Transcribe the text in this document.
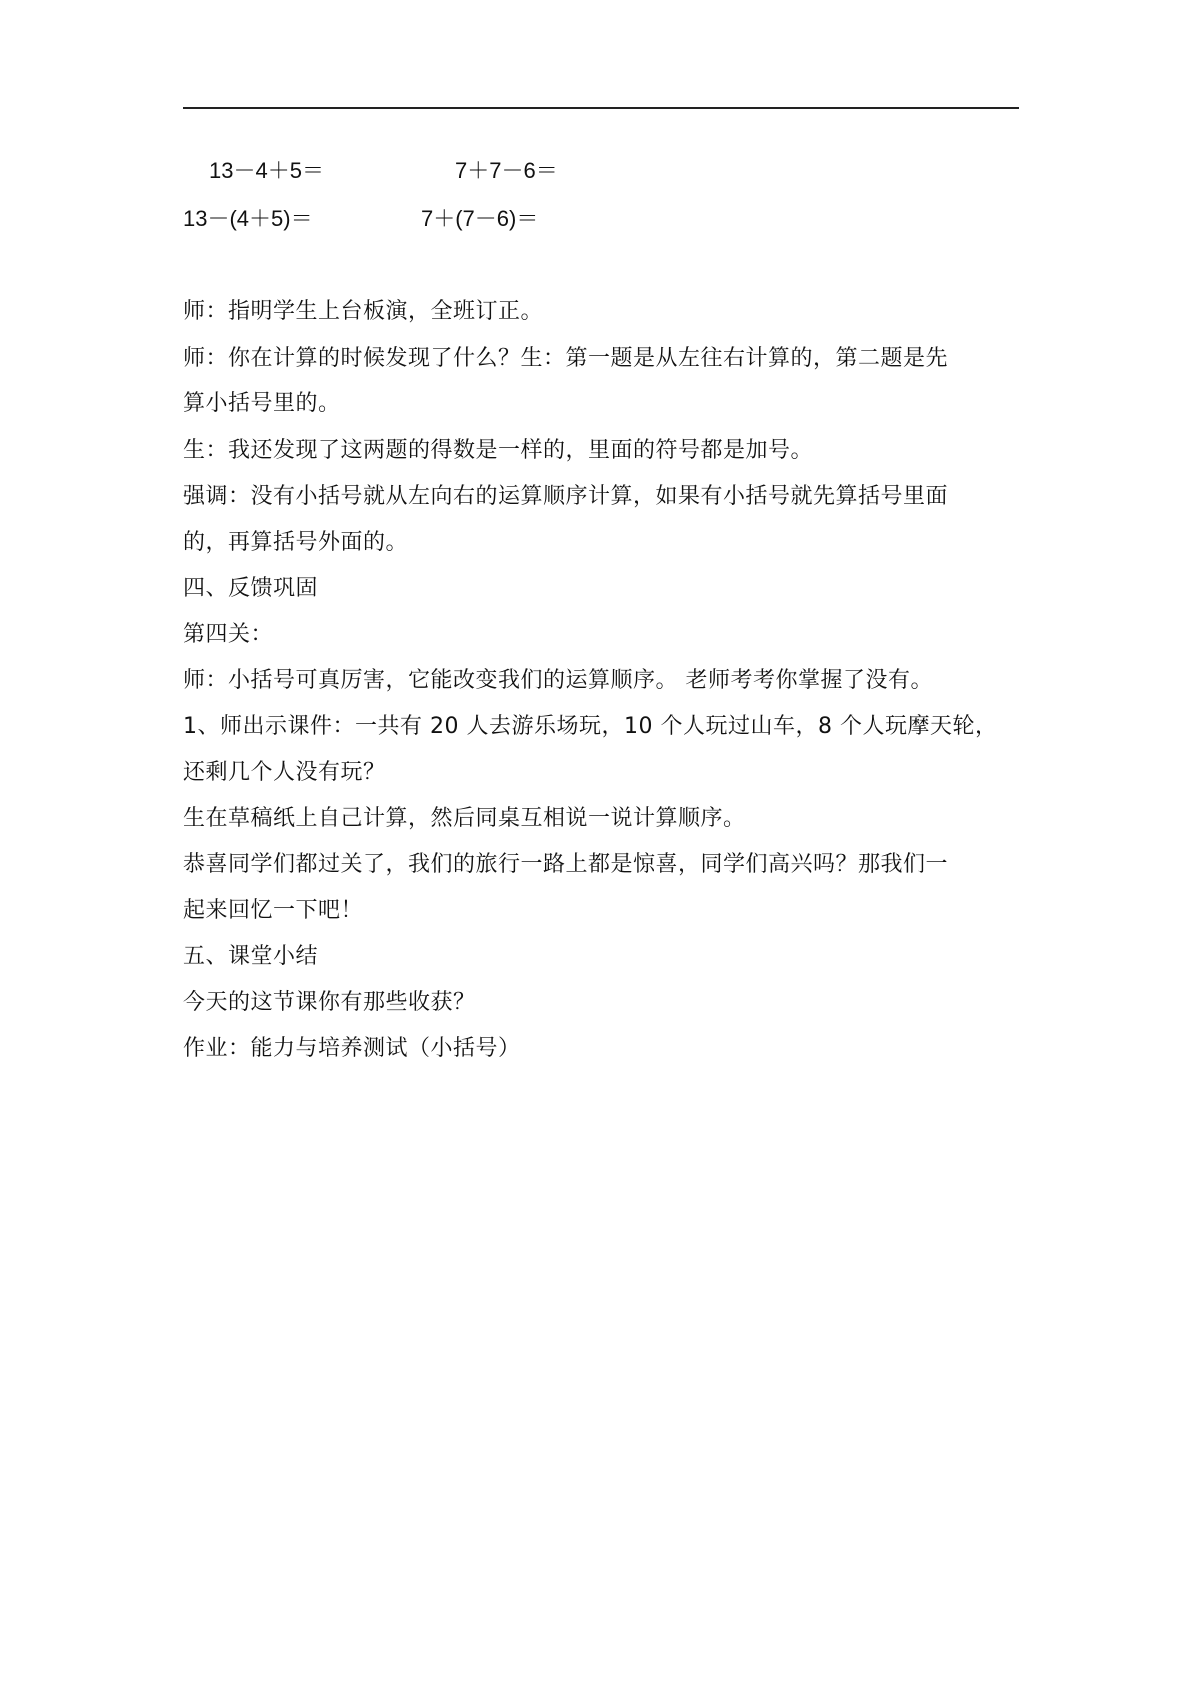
13－4＋5＝	7＋7－6＝
13－(4＋5)＝	7＋(7－6)＝
师：指明学生上台板演，全班订正。
师：你在计算的时候发现了什么？生：第一题是从左往右计算的，第二题是先
算小括号里的。
生：我还发现了这两题的得数是一样的，里面的符号都是加号。
强调：没有小括号就从左向右的运算顺序计算，如果有小括号就先算括号里面
的，再算括号外面的。
四、反馈巩固
第四关：
师：小括号可真厉害，它能改变我们的运算顺序。 老师考考你掌握了没有。
1、师出示课件：一共有 20 人去游乐场玩，10 个人玩过山车，8 个人玩摩天轮，
还剩几个人没有玩？
生在草稿纸上自己计算，然后同桌互相说一说计算顺序。
恭喜同学们都过关了，我们的旅行一路上都是惊喜，同学们高兴吗？那我们一
起来回忆一下吧！
五、课堂小结
今天的这节课你有那些收获？
作业：能力与培养测试（小括号）
